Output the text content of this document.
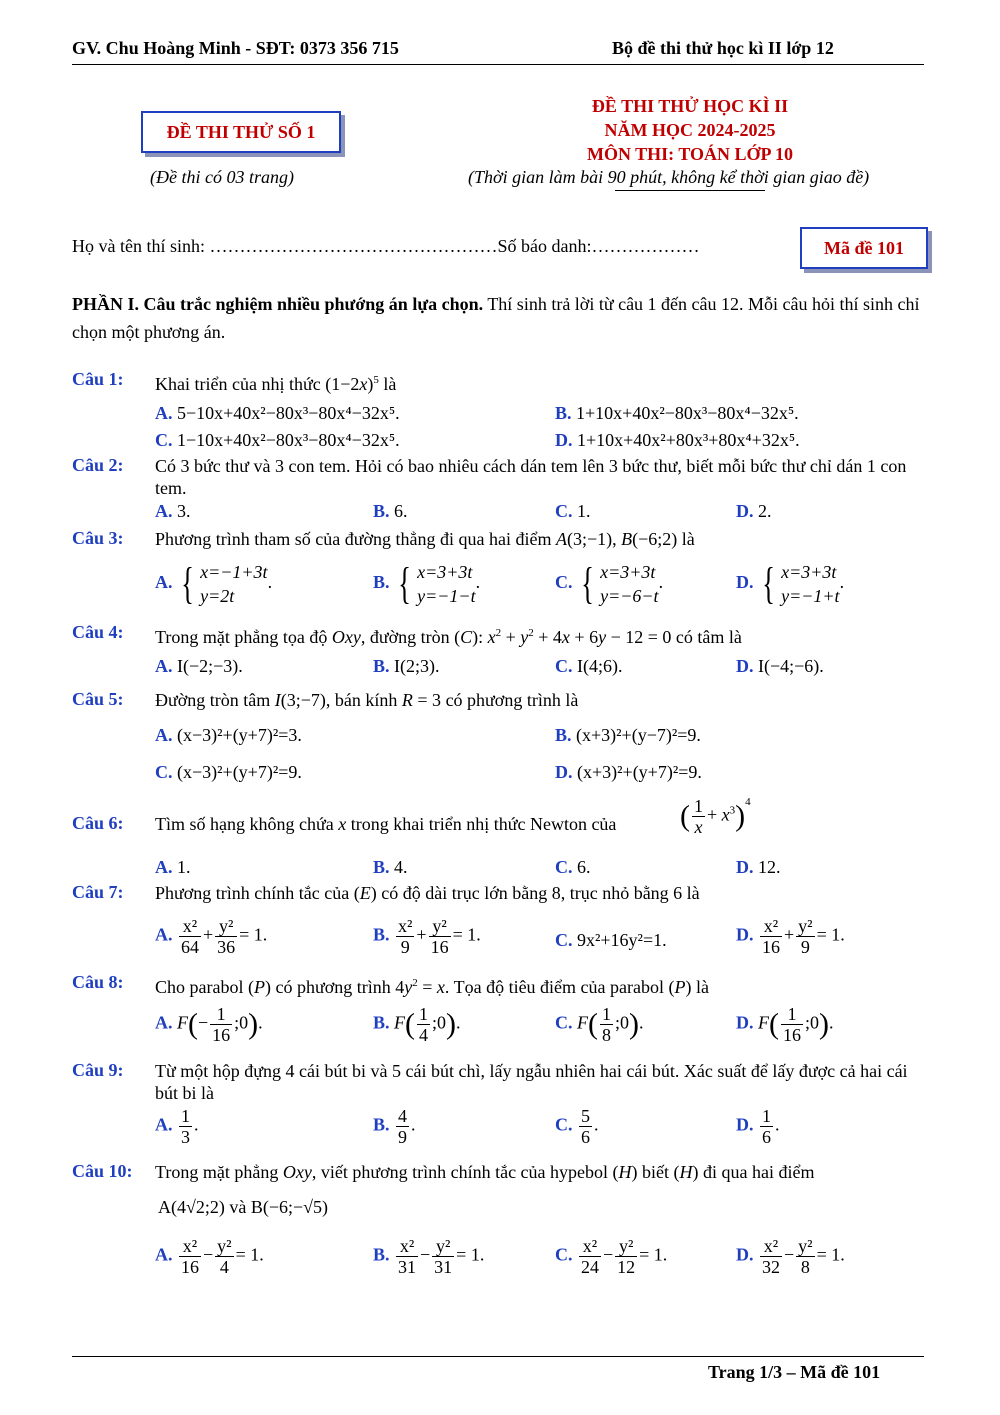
GV. Chu Hoàng Minh - SĐT: 0373 356 715	Bộ đề thi thử học kì II lớp 12
ĐỀ THI THỬ SỐ 1
(Đề thi có 03 trang)
ĐỀ THI THỬ HỌC KÌ II
NĂM HỌC 2024-2025
MÔN THI: TOÁN LỚP 10
(Thời gian làm bài 90 phút, không kể thời gian giao đề)
Họ và tên thí sinh: …………………………………………Số báo danh:………………	Mã đề 101
PHẦN I. Câu trắc nghiệm nhiều phướng án lựa chọn. Thí sinh trả lời từ câu 1 đến câu 12. Mỗi câu hỏi thí sinh chỉ chọn một phương án.
Câu 1: Khai triển của nhị thức $(1-2x)^5$ là
A. 5−10x+40x²−80x³−80x⁴−32x⁵.	B. 1+10x+40x²−80x³−80x⁴−32x⁵.
C. 1−10x+40x²−80x³−80x⁴−32x⁵.	D. 1+10x+40x²+80x³+80x⁴+32x⁵.
Câu 2: Có 3 bức thư và 3 con tem. Hỏi có bao nhiêu cách dán tem lên 3 bức thư, biết mỗi bức thư chỉ dán 1 con tem.
A. 3.	B. 6.	C. 1.	D. 2.
Câu 3: Phương trình tham số của đường thẳng đi qua hai điểm A(3;−1), B(−6;2) là
A. { x=−1+3t
y=2t
.	B. { x=3+3t
y=−1−t
.	C. { x=3+3t
y=−6−t
.	D. { x=3+3t
y=−1+t
.
Câu 4: Trong mặt phẳng tọa độ Oxy, đường tròn (C): $x^2 + y^2 + 4x + 6y - 12 = 0$ có tâm là
A. I(−2;−3).	B. I(2;3).	C. I(4;6).	D. I(−4;−6).
Câu 5: Đường tròn tâm I(3;−7), bán kính R = 3 có phương trình là
A. (x−3)²+(y+7)²=3.	B. (x+3)²+(y−7)²=9.
C. (x−3)²+(y+7)²=9.	D. (x+3)²+(y+7)²=9.
Câu 6: Tìm số hạng không chứa x trong khai triển nhị thức Newton của	( $\frac{1}{x} + x^3)^4$
A. 1.	B. 4.	C. 6.	D. 12.
Câu 7: Phương trình chính tắc của (E) có độ dài trục lớn bằng 8, trục nhỏ bằng 6 là
A. $\frac{\text{x²}}{64} + \frac{\text{y²}}{36} = 1$.	B. $\frac{\text{x²}}{9} + \frac{\text{y²}}{16} = 1$.	C. 9x²+16y²=1.	D. $\frac{\text{x²}}{16} + \frac{\text{y²}}{9} = 1$.
Câu 8: Cho parabol (P) có phương trình $4y^2 = x$. Tọa độ tiêu điểm của parabol (P) là
A. $F(- \frac{1}{16}$ ;0).	B. $F( \frac{1}{4}$ ;0).	C. $F( \frac{1}{8}$ ;0).	D. $F( \frac{1}{16}$ ;0).
Câu 9: Từ một hộp đựng 4 cái bút bi và 5 cái bút chì, lấy ngẫu nhiên hai cái bút. Xác suất để lấy được cả hai cái bút bi là
A. $\frac{1}{3}$ .	B. $\frac{4}{9}$ .	C. $\frac{5}{6}$ .	D. $\frac{1}{6}$ .
Câu 10: Trong mặt phẳng Oxy, viết phương trình chính tắc của hypebol (H) biết (H) đi qua hai điểm
A(4√2;2) và B(−6;−√5)
A. $\frac{\text{x²}}{16} - \frac{\text{y²}}{4} = 1$.	B. $\frac{\text{x²}}{31} - \frac{\text{y²}}{31} = 1$.	C. $\frac{\text{x²}}{24} - \frac{\text{y²}}{12} = 1$.	D. $\frac{\text{x²}}{32} - \frac{\text{y²}}{8} = 1$.
Trang 1/3 – Mã đề 101
